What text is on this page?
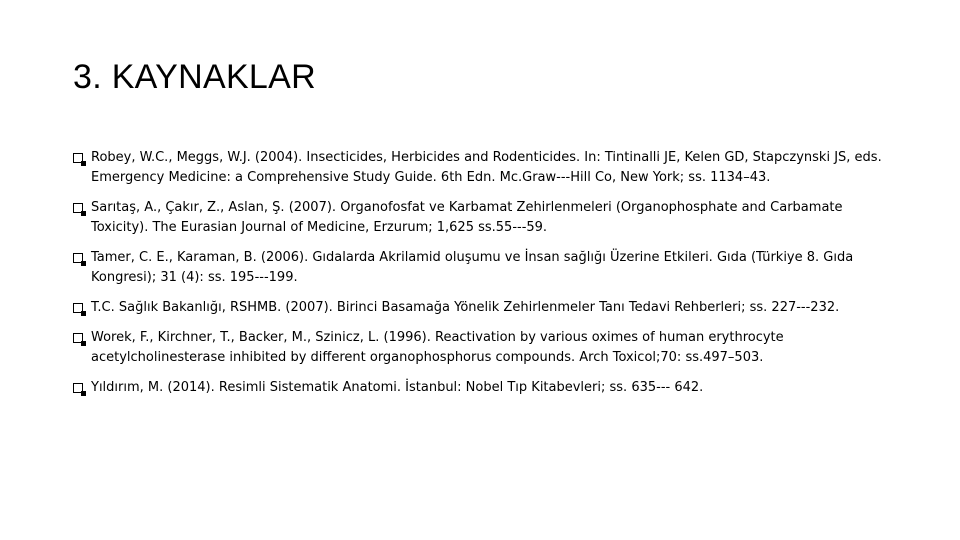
3. KAYNAKLAR
Robey, W.C., Meggs, W.J. (2004). Insecticides, Herbicides and Rodenticides. In: Tintinalli JE, Kelen GD, Stapczynski JS, eds. Emergency Medicine: a Comprehensive Study Guide. 6th Edn. Mc.Graw---Hill Co, New York; ss. 1134–43.
Sarıtaş, A., Çakır, Z., Aslan, Ş. (2007). Organofosfat ve Karbamat Zehirlenmeleri (Organophosphate and Carbamate Toxicity). The Eurasian Journal of Medicine, Erzurum; 1,625 ss.55---59.
Tamer, C. E., Karaman, B. (2006). Gıdalarda Akrilamid oluşumu ve İnsan sağlığı Üzerine Etkileri. Gıda (Türkiye 8. Gıda Kongresi); 31 (4): ss. 195---199.
T.C. Sağlık Bakanlığı, RSHMB. (2007). Birinci Basamağa Yönelik Zehirlenmeler Tanı Tedavi Rehberleri; ss. 227---232.
Worek, F., Kirchner, T., Backer, M., Szinicz, L. (1996). Reactivation by various oximes of human erythrocyte acetylcholinesterase inhibited by different organophosphorus compounds. Arch Toxicol;70: ss.497–503.
Yıldırım, M. (2014). Resimli Sistematik Anatomi. İstanbul: Nobel Tıp Kitabevleri; ss. 635--- 642.
